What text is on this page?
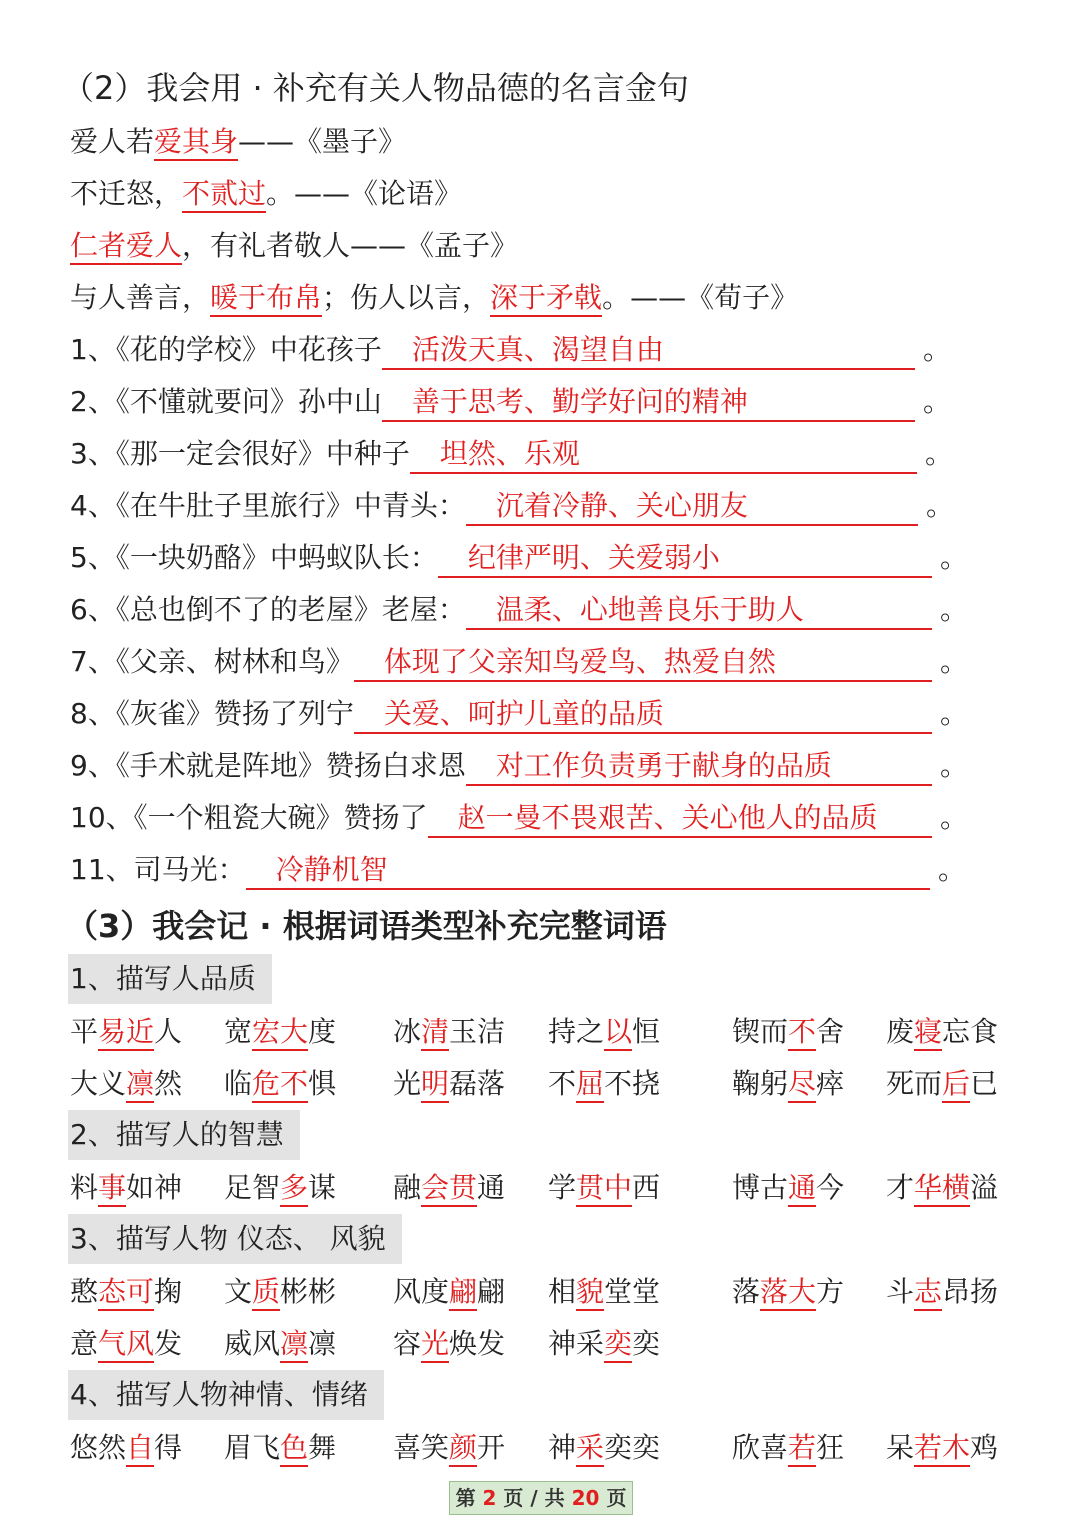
（2）我会用 · 补充有关人物品德的名言金句
爱人若爱其身——《墨子》
不迁怒，不贰过。——《论语》
仁者爱人，有礼者敬人——《孟子》
与人善言，暖于布帛；伤人以言，深于矛戟。——《荀子》
1、《花的学校》中花孩子 活泼天真、渴望自由	。
2、《不懂就要问》孙中山 善于思考、勤学好问的精神	。
3、《那一定会很好》中种子 坦然、乐观	。
4、《在牛肚子里旅行》中青头： 沉着冷静、关心朋友	。
5、《一块奶酪》中蚂蚁队长： 纪律严明、关爱弱小	。
6、《总也倒不了的老屋》老屋： 温柔、心地善良乐于助人	。
7、《父亲、树林和鸟》 体现了父亲知鸟爱鸟、热爱自然	。
8、《灰雀》赞扬了列宁 关爱、呵护儿童的品质	。
9、《手术就是阵地》赞扬白求恩 对工作负责勇于献身的品质	。
10、《一个粗瓷大碗》赞扬了 赵一曼不畏艰苦、关心他人的品质 。
11、司马光： 冷静机智	。
（3）我会记 · 根据词语类型补充完整词语
1、描写人品质
平易近人 宽宏大度 冰清玉洁 持之以恒	锲而不舍 废寝忘食
大义凛然 临危不惧 光明磊落 不屈不挠	鞠躬尽瘁 死而后已
2、描写人的智慧
料事如神 足智多谋 融会贯通 学贯中西	博古通今 才华横溢
3、描写人物 仪态、 风貌
憨态可掬 文质彬彬 风度翩翩 相貌堂堂	落落大方 斗志昂扬
意气风发 威风凛凛 容光焕发 神采奕奕
4、描写人物神情、情绪
悠然自得 眉飞色舞 喜笑颜开 神采奕奕	欣喜若狂 呆若木鸡
第 2 页 / 共 20 页
